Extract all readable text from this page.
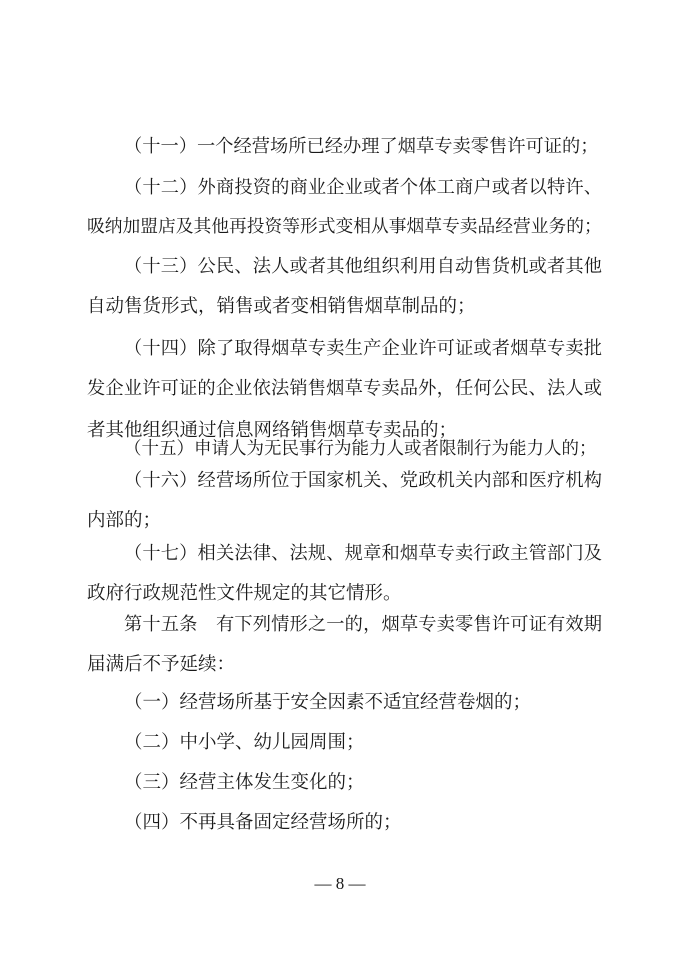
（十一）一个经营场所已经办理了烟草专卖零售许可证的；
（十二）外商投资的商业企业或者个体工商户或者以特许、
吸纳加盟店及其他再投资等形式变相从事烟草专卖品经营业务的；
（十三）公民、法人或者其他组织利用自动售货机或者其他
自动售货形式，销售或者变相销售烟草制品的；
（十四）除了取得烟草专卖生产企业许可证或者烟草专卖批
发企业许可证的企业依法销售烟草专卖品外，任何公民、法人或
者其他组织通过信息网络销售烟草专卖品的；
（十五）申请人为无民事行为能力人或者限制行为能力人的；
（十六）经营场所位于国家机关、党政机关内部和医疗机构
内部的；
（十七）相关法律、法规、规章和烟草专卖行政主管部门及
政府行政规范性文件规定的其它情形。
第十五条　有下列情形之一的，烟草专卖零售许可证有效期
届满后不予延续：
（一）经营场所基于安全因素不适宜经营卷烟的；
（二）中小学、幼儿园周围；
（三）经营主体发生变化的；
（四）不再具备固定经营场所的；
— 8 —
